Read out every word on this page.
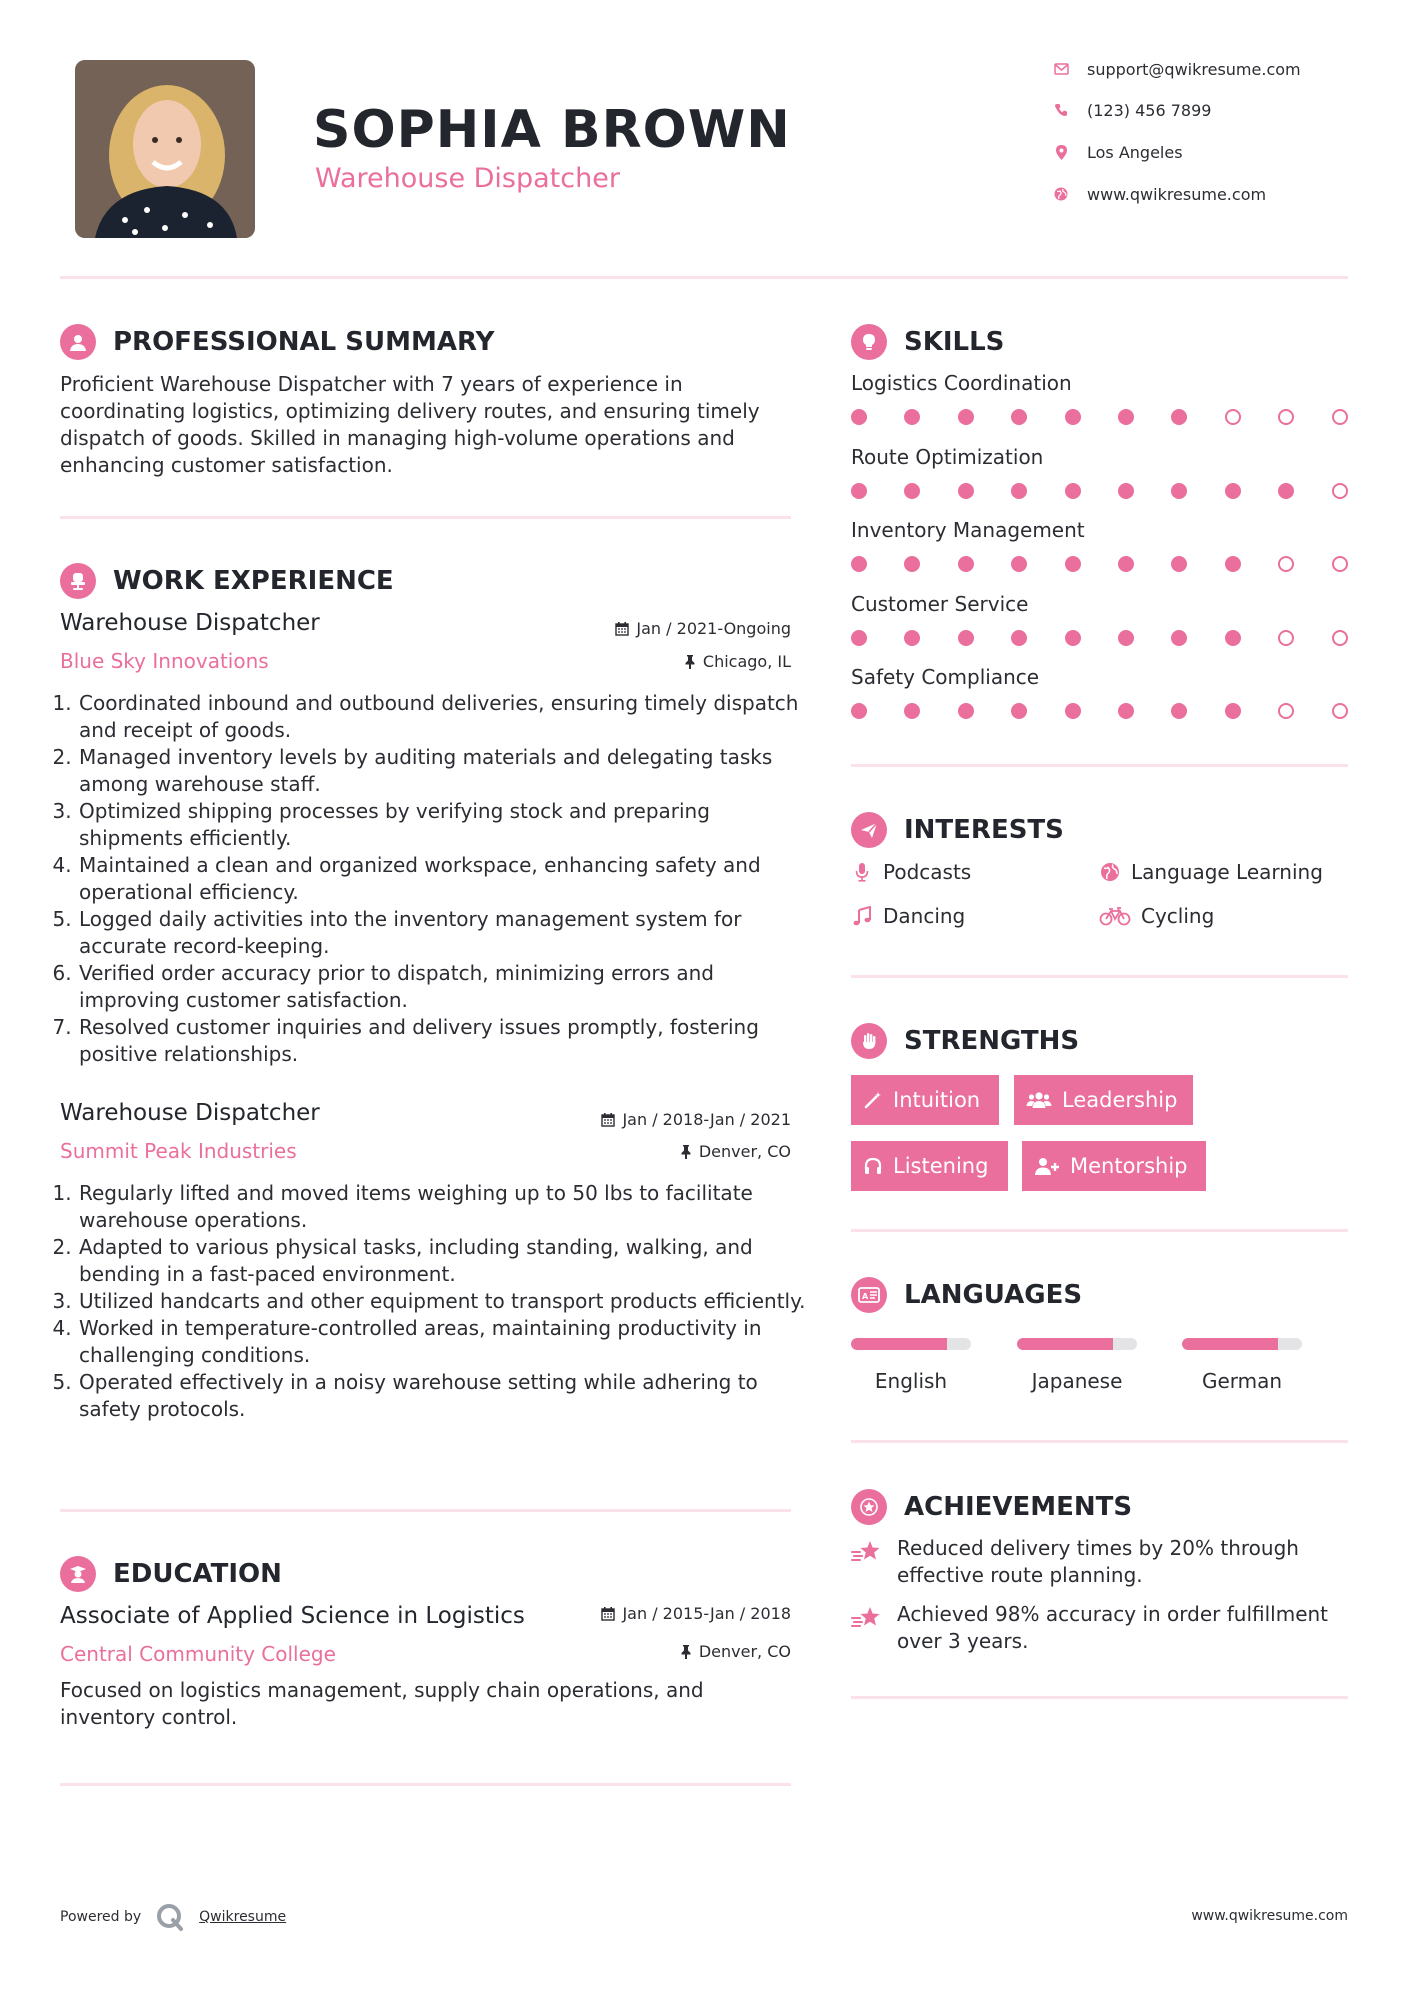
SOPHIA BROWN
Warehouse Dispatcher
support@qwikresume.com
(123) 456 7899
Los Angeles
www.qwikresume.com
PROFESSIONAL SUMMARY
Proficient Warehouse Dispatcher with 7 years of experience in coordinating logistics, optimizing delivery routes, and ensuring timely dispatch of goods. Skilled in managing high-volume operations and enhancing customer satisfaction.
WORK EXPERIENCE
Warehouse Dispatcher	Jan / 2021-Ongoing
Blue Sky Innovations	Chicago, IL
1. Coordinated inbound and outbound deliveries, ensuring timely dispatch and receipt of goods.
2. Managed inventory levels by auditing materials and delegating tasks among warehouse staff.
3. Optimized shipping processes by verifying stock and preparing shipments efficiently.
4. Maintained a clean and organized workspace, enhancing safety and operational efficiency.
5. Logged daily activities into the inventory management system for accurate record-keeping.
6. Verified order accuracy prior to dispatch, minimizing errors and improving customer satisfaction.
7. Resolved customer inquiries and delivery issues promptly, fostering positive relationships.
Warehouse Dispatcher	Jan / 2018-Jan / 2021
Summit Peak Industries	Denver, CO
1. Regularly lifted and moved items weighing up to 50 lbs to facilitate warehouse operations.
2. Adapted to various physical tasks, including standing, walking, and bending in a fast-paced environment.
3. Utilized handcarts and other equipment to transport products efficiently.
4. Worked in temperature-controlled areas, maintaining productivity in challenging conditions.
5. Operated effectively in a noisy warehouse setting while adhering to safety protocols.
EDUCATION
Associate of Applied Science in Logistics	Jan / 2015-Jan / 2018
Central Community College	Denver, CO
Focused on logistics management, supply chain operations, and inventory control.
SKILLS
Logistics Coordination
Route Optimization
Inventory Management
Customer Service
Safety Compliance
INTERESTS
Podcasts	Language Learning
Dancing	Cycling
STRENGTHS
Intuition	Leadership
Listening	Mentorship
A LANGUAGES
English	Japanese	German
ACHIEVEMENTS
Reduced delivery times by 20% through effective route planning.
Achieved 98% accuracy in order fulfillment over 3 years.
Powered by	Qwikresume	www.qwikresume.com
